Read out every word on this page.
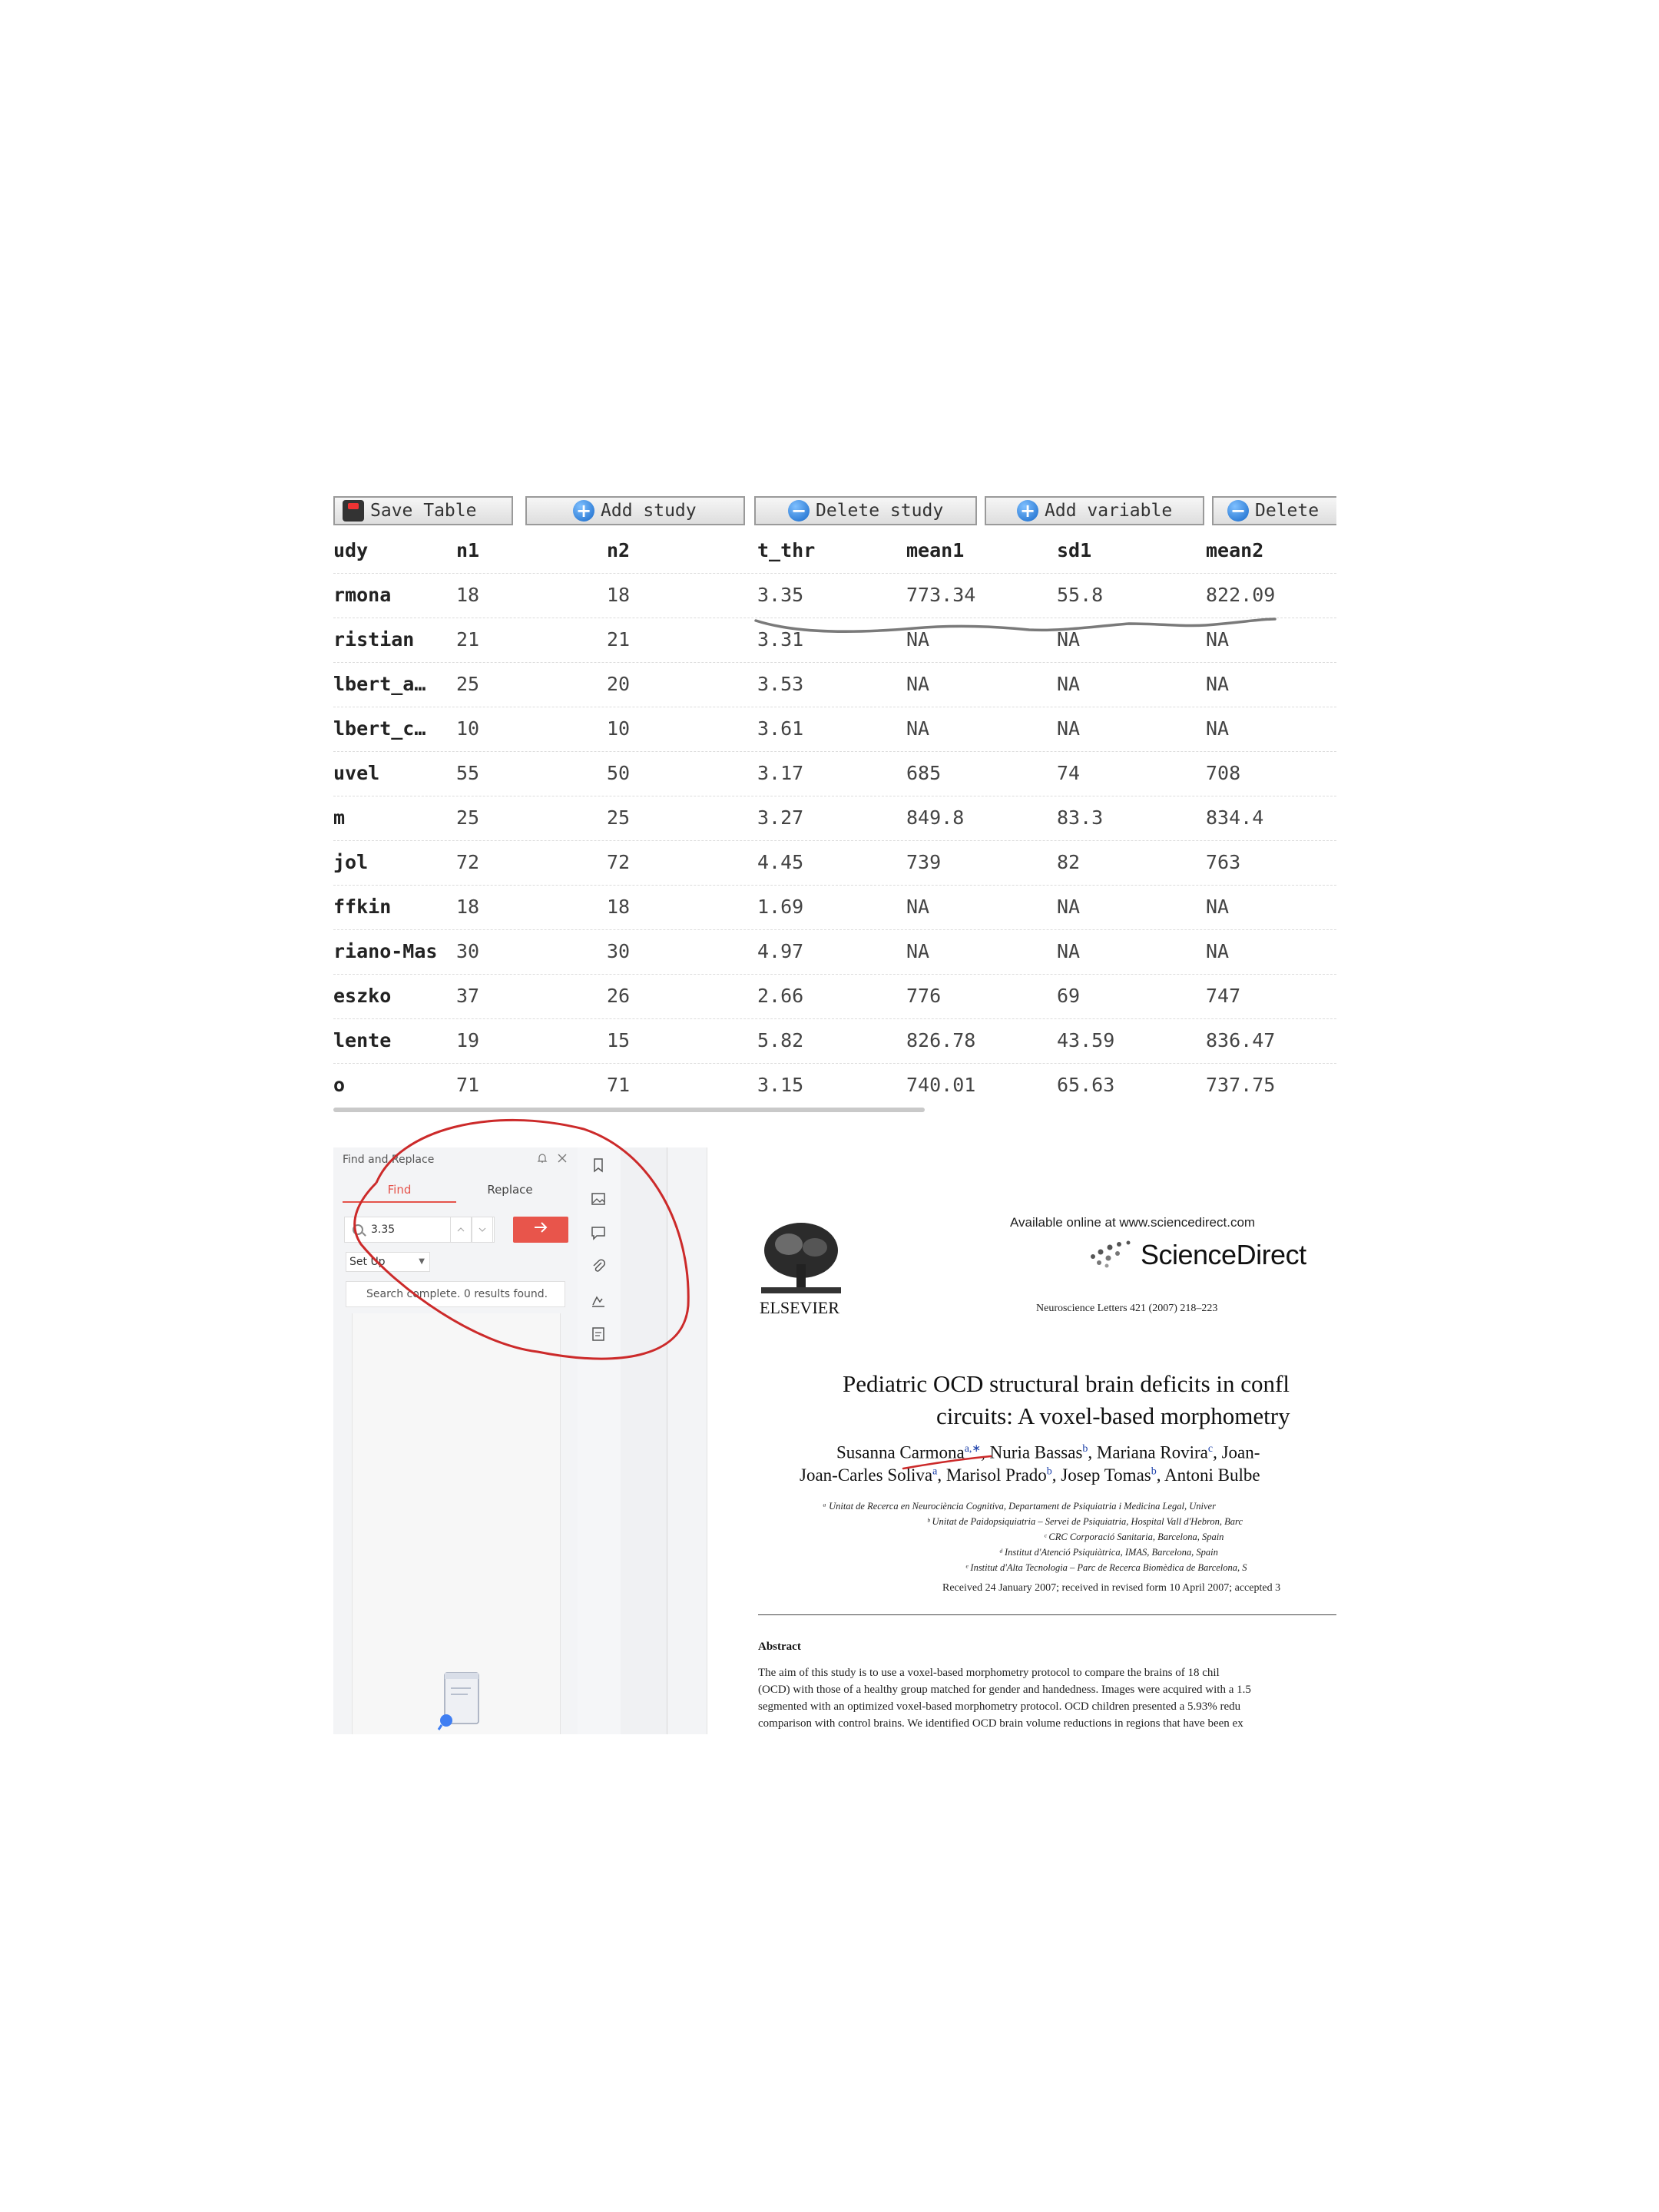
Save Table	+ Add study	− Delete study	+ Add variable	− Delete
udy	n1	n2	t_thr	mean1	sd1	mean2
rmona	18	18	3.35	773.34	55.8	822.09
ristian 21	21	3.31	NA	NA	NA
lbert_a… 25	20	3.53	NA	NA	NA
lbert_c… 10	10	3.61	NA	NA	NA
uvel	55	50	3.17	685	74	708
m	25	25	3.27	849.8	83.3	834.4
jol	72	72	4.45	739	82	763
ffkin	18	18	1.69	NA	NA	NA
riano-Mas 30	30	4.97	NA	NA	NA
eszko	37	26	2.66	776	69	747
lente	19	15	5.82	826.78	43.59	836.47
o	71	71	3.15	740.01	65.63	737.75
Find and Replace
Find	Replace
3.35
Set Up	▼
Search complete. 0 results found.
ELSEVIER
Available online at www.sciencedirect.com
ScienceDirect
Neuroscience Letters 421 (2007) 218–223
Pediatric OCD structural brain deficits in confl
circuits: A voxel-based morphometry
Susanna Carmona$^{a,∗}$, Nuria Bassas$^b$, Mariana Rovira$^c$, Joan-
Joan-Carles Soliva$^a$, Marisol Prado$^b$, Josep Tomas$^b$, Antoni Bulbe
ᵃ Unitat de Recerca en Neurociència Cognitiva, Departament de Psiquiatria i Medicina Legal, Univer
ᵇ Unitat de Paidopsiquiatria – Servei de Psiquiatria, Hospital Vall d'Hebron, Barc
ᶜ CRC Corporació Sanitaria, Barcelona, Spain
ᵈ Institut d'Atenció Psiquiàtrica, IMAS, Barcelona, Spain
ᵉ Institut d'Alta Tecnologia – Parc de Recerca Biomèdica de Barcelona, S
Received 24 January 2007; received in revised form 10 April 2007; accepted 3
Abstract
The aim of this study is to use a voxel-based morphometry protocol to compare the brains of 18 chil
(OCD) with those of a healthy group matched for gender and handedness. Images were acquired with a 1.5
segmented with an optimized voxel-based morphometry protocol. OCD children presented a 5.93% redu
comparison with control brains. We identified OCD brain volume reductions in regions that have been ex
